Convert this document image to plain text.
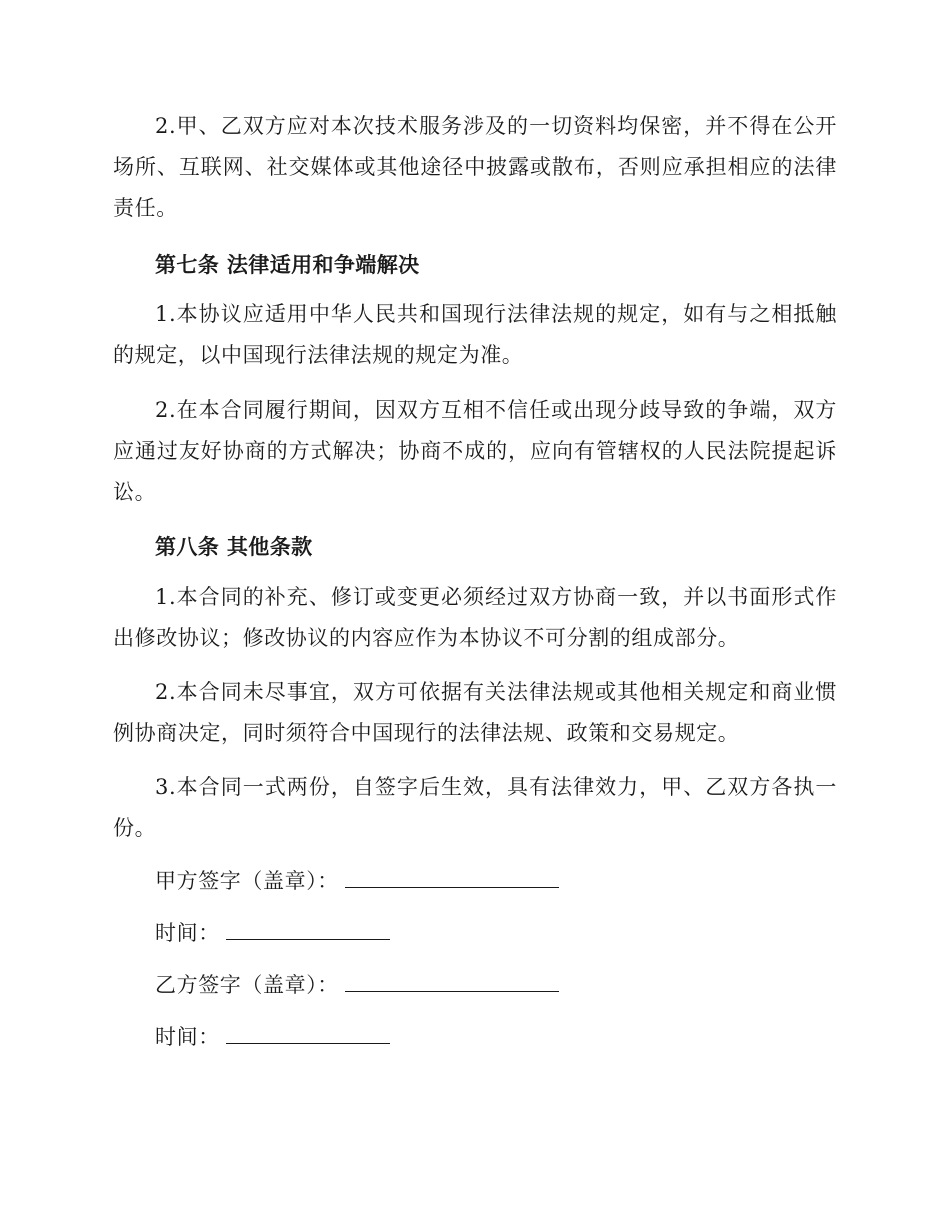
2.甲、乙双方应对本次技术服务涉及的一切资料均保密，并不得在公开场所、互联网、社交媒体或其他途径中披露或散布，否则应承担相应的法律责任。

第七条 法律适用和争端解决

1.本协议应适用中华人民共和国现行法律法规的规定，如有与之相抵触的规定，以中国现行法律法规的规定为准。

2.在本合同履行期间，因双方互相不信任或出现分歧导致的争端，双方应通过友好协商的方式解决；协商不成的，应向有管辖权的人民法院提起诉讼。

第八条 其他条款

1.本合同的补充、修订或变更必须经过双方协商一致，并以书面形式作出修改协议；修改协议的内容应作为本协议不可分割的组成部分。

2.本合同未尽事宜，双方可依据有关法律法规或其他相关规定和商业惯例协商决定，同时须符合中国现行的法律法规、政策和交易规定。

3.本合同一式两份，自签字后生效，具有法律效力，甲、乙双方各执一份。

甲方签字（盖章）：
时间：
乙方签字（盖章）：
时间：
